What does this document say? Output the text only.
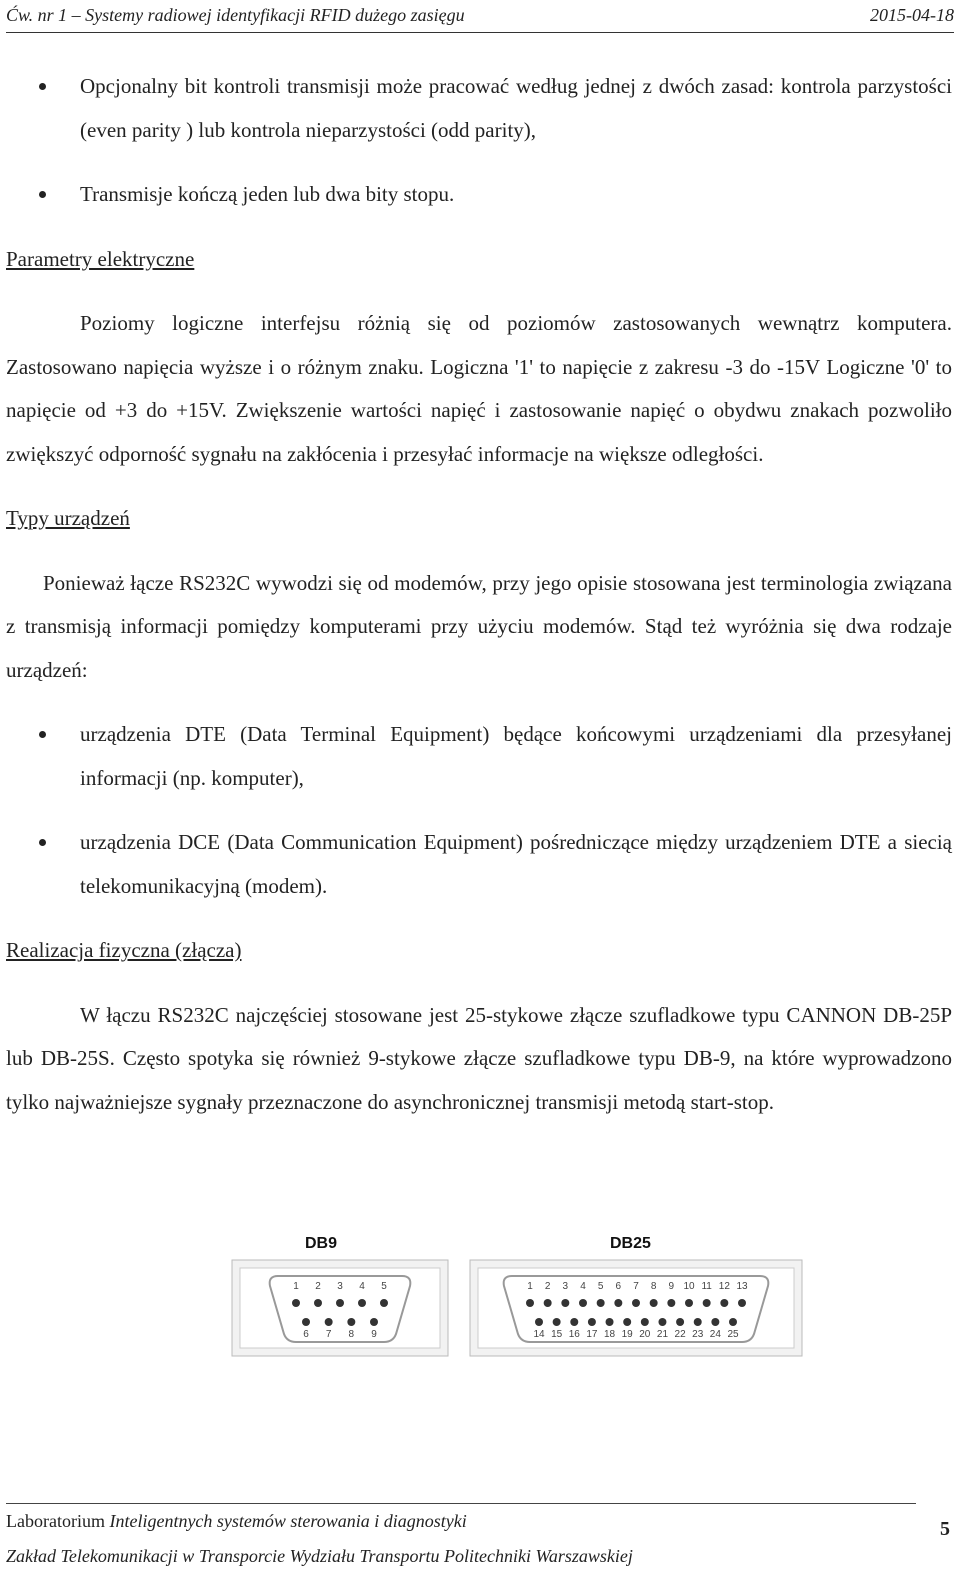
Ćw. nr 1 – Systemy radiowej identyfikacji RFID dużego zasięgu	2015-04-18
Opcjonalny bit kontroli transmisji może pracować według jednej z dwóch zasad: kontrola parzystości (even parity ) lub kontrola nieparzystości (odd parity),
Transmisje kończą jeden lub dwa bity stopu.

Parametry elektryczne

Poziomy logiczne interfejsu różnią się od poziomów zastosowanych wewnątrz komputera. Zastosowano napięcia wyższe i o różnym znaku. Logiczna '1' to napięcie z zakresu -3 do -15V Logiczne '0' to napięcie od +3 do +15V. Zwiększenie wartości napięć i zastosowanie napięć o obydwu znakach pozwoliło zwiększyć odporność sygnału na zakłócenia i przesyłać informacje na większe odległości.

Typy urządzeń

Ponieważ łącze RS232C wywodzi się od modemów, przy jego opisie stosowana jest terminologia związana z transmisją informacji pomiędzy komputerami przy użyciu modemów. Stąd też wyróżnia się dwa rodzaje urządzeń:

urządzenia DTE (Data Terminal Equipment) będące końcowymi urządzeniami dla przesyłanej informacji (np. komputer),
urządzenia DCE (Data Communication Equipment) pośredniczące między urządzeniem DTE a siecią telekomunikacyjną (modem).

Realizacja fizyczna (złącza)

W łączu RS232C najczęściej stosowane jest 25-stykowe złącze szufladkowe typu CANNON DB-25P lub DB-25S. Często spotyka się również 9-stykowe złącze szufladkowe typu DB-9, na które wyprowadzono tylko najważniejsze sygnały przeznaczone do asynchronicznej transmisji metodą start-stop.

DB9	DB25
1 2 3 4 5
6 7 8 9
1 2 3 4 5 6 7 8 9 10 11 12 13
14 15 16 17 18 19 20 21 22 23 24 25
Laboratorium Inteligentnych systemów sterowania i diagnostyki
Zakład Telekomunikacji w Transporcie Wydziału Transportu Politechniki Warszawskiej
5
